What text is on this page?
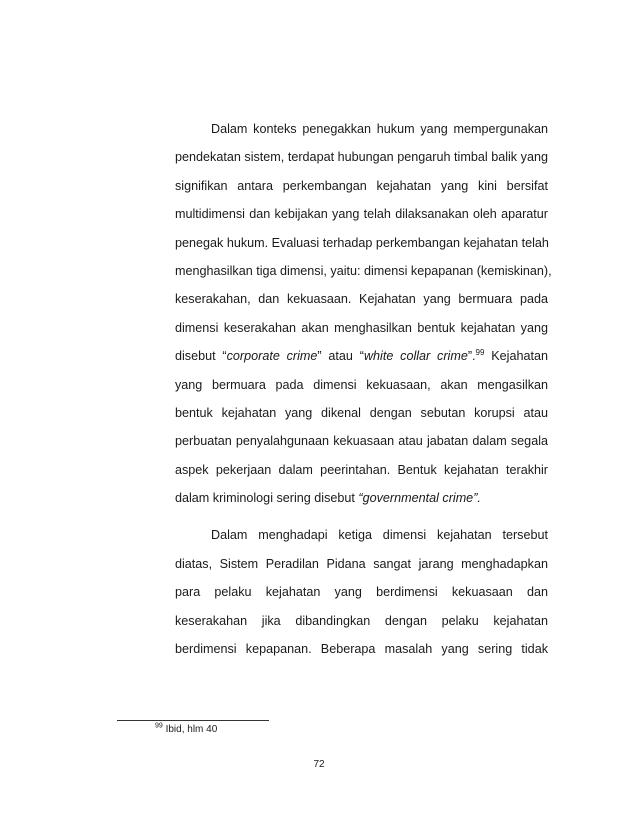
Dalam konteks penegakkan hukum yang mempergunakan
pendekatan sistem, terdapat hubungan pengaruh timbal balik yang
signifikan antara perkembangan kejahatan yang kini bersifat
multidimensi dan kebijakan yang telah dilaksanakan oleh aparatur
penegak hukum. Evaluasi terhadap perkembangan kejahatan telah
menghasilkan tiga dimensi, yaitu: dimensi kepapanan (kemiskinan),
keserakahan, dan kekuasaan. Kejahatan yang bermuara pada
dimensi keserakahan akan menghasilkan bentuk kejahatan yang
disebut “corporate crime” atau “white collar crime”.$^{99}$ Kejahatan
yang bermuara pada dimensi kekuasaan, akan mengasilkan
bentuk kejahatan yang dikenal dengan sebutan korupsi atau
perbuatan penyalahgunaan kekuasaan atau jabatan dalam segala
aspek pekerjaan dalam peerintahan. Bentuk kejahatan terakhir
dalam kriminologi sering disebut “governmental crime”.

Dalam menghadapi ketiga dimensi kejahatan tersebut
diatas, Sistem Peradilan Pidana sangat jarang menghadapkan
para pelaku kejahatan yang berdimensi kekuasaan dan
keserakahan jika dibandingkan dengan pelaku kejahatan
berdimensi kepapanan. Beberapa masalah yang sering tidak

$^{99}$ Ibid, hlm 40
72
